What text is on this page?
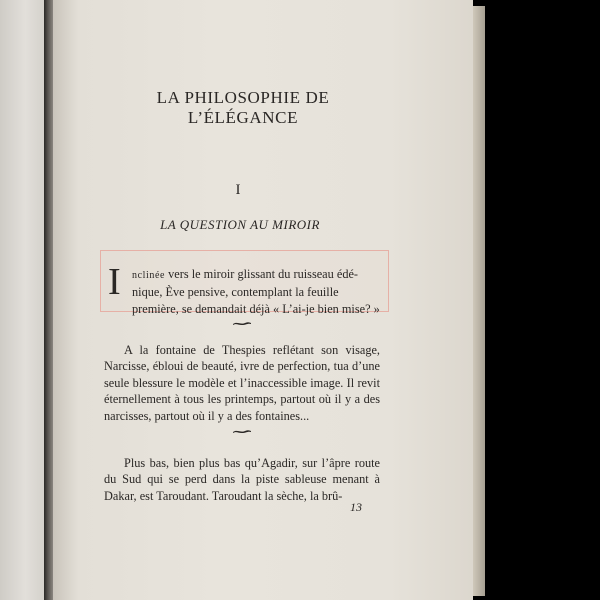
LA PHILOSOPHIE DE L’ÉLÉGANCE
I
LA QUESTION AU MIROIR
I	nclinée vers le miroir glissant du ruisseau édé-
nique, Ève pensive, contemplant la feuille
première, se demandait déjà « L’ai-je bien mise? »
A la fontaine de Thespies reflétant son visage, Narcisse, ébloui de beauté, ivre de perfection, tua d’une seule blessure le modèle et l’inaccessible image. Il revit éternellement à tous les printemps, partout où il y a des narcisses, partout où il y a des fontaines...
Plus bas, bien plus bas qu’Agadir, sur l’âpre route du Sud qui se perd dans la piste sableuse menant à Dakar, est Taroudant. Taroudant la sèche, la brû-
13
